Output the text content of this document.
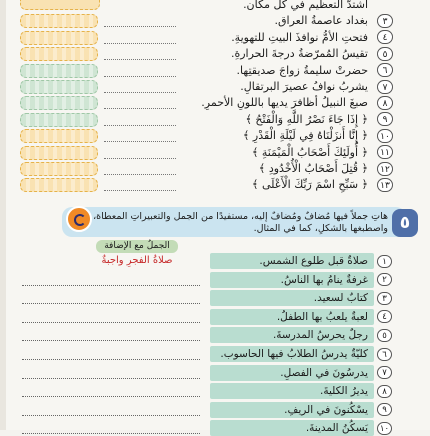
اشتدّ التعظيم في كل مكان.
بغداد عاصمةُ العراق.	٣
فتحتِ الأمُّ نوافذَ البيتِ للتهويةِ.	٤
تقيسُ المُمرّضةُ درجةَ الحرارةِ.	٥
حضرتْ سليمةُ زواجَ صديقتِها.	٦
يشربُ نوافُ عصيرَ البرتقالِ.	٧
صبغَ النبيلُ أظافرَ يديها باللونِ الأحمرِ.	٨
﴿ إِذَا جَاءَ نَصْرُ اللَّهِ وَالْفَتْحُ ﴾	٩
﴿ إِنَّا أَنزَلْنَاهُ فِي لَيْلَةِ الْقَدْرِ ﴾	١٠
﴿ أُولَئِكَ أَصْحَابُ الْمَيْمَنَةِ ﴾	١١
﴿ قُتِلَ أَصْحَابُ الْأُخْدُودِ ﴾	١٢
﴿ سَبِّحِ اسْمَ رَبِّكَ الْأَعْلَى ﴾	١٣
هاتِ جملاً فيها مُضافٌ ومُضافٌ إليه، مستفيدًا من الجمل والتعبيراتِ المعطاة،
واصطبغها بالشكلِ، كما في المثال. ٥
الجملُ مع الإضافة
صلاةُ الفجرِ واجبةٌ	صلاةٌ قبل طلوع الشمس.	١
غرفةٌ ينامُ بها الناسُ.	٢
كتابٌ لسعيد.	٣
لعبةٌ يلعبُ بها الطفلُ.	٤
رجلٌ يحرسُ المدرسةَ.	٥
كليّةٌ يدرسُ الطلابُ فيها الحاسوب.	٦
يدرسُونَ في الفصلِ.	٧
يديرُ الكليةَ.	٨
يسْكُنونَ في الريفِ.	٩
يَسكُنُ المدينةَ.	١٠
